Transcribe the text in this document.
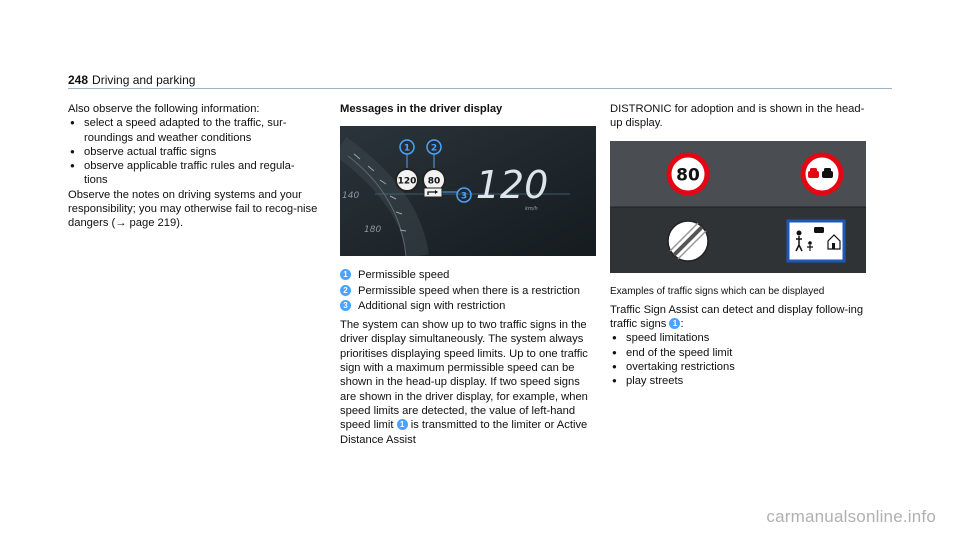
248 Driving and parking
Also observe the following information:
● select a speed adapted to the traffic, sur-roundings and weather conditions
● observe actual traffic signs
● observe applicable traffic rules and regula-tions
Observe the notes on driving systems and your responsibility; you may otherwise fail to recog-nise dangers (→ page 219).
Messages in the driver display
140
180
1 2
3
120 80 120
km/h
1 Permissible speed
2 Permissible speed when there is a restriction
3 Additional sign with restriction
The system can show up to two traffic signs in the driver display simultaneously. The system always prioritises displaying speed limits. Up to one traffic sign with a maximum permissible speed can be shown in the head-up display. If two speed signs are shown in the driver display, for example, when speed limits are detected, the value of left-hand speed limit 1 is transmitted to the limiter or Active Distance Assist
DISTRONIC for adoption and is shown in the head-up display.
80
Examples of traffic signs which can be displayed
Traffic Sign Assist can detect and display follow-ing traffic signs 1 :
● speed limitations
● end of the speed limit
● overtaking restrictions
● play streets
carmanualsonline.info
